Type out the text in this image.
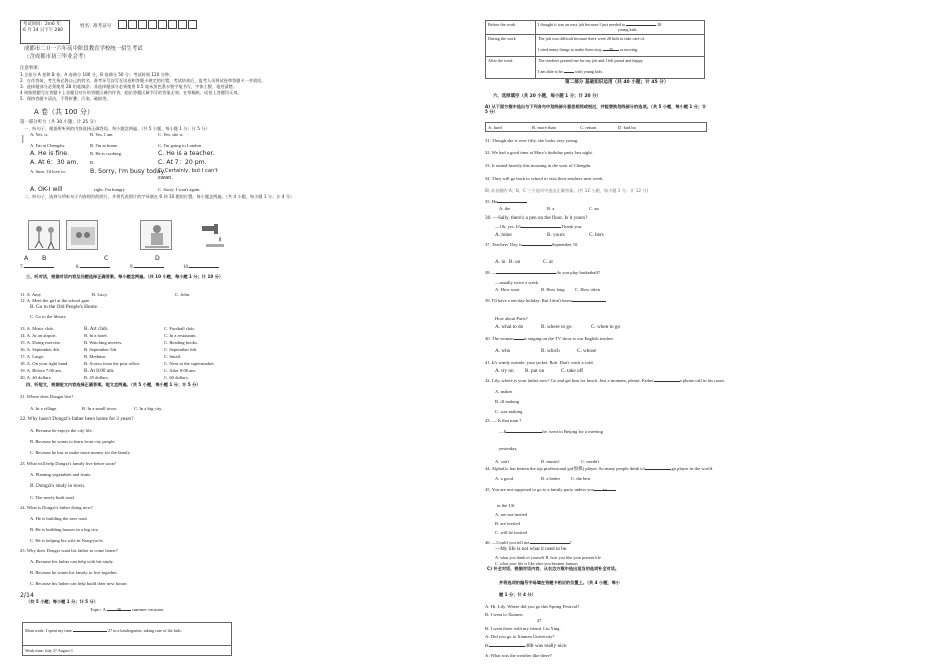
考试时间：2m6 年
6 月 14 日下午 280
姓名： 准考证号
成都市二０一六年高中阶段教育学校统一招生考试
（含成都市初三毕业会考）
注意事项:
1.全卷分 A 卷和 B 卷。A 卷满分 100 分，B 卷满分 50 分；考试时间 120 分钟。
2．在作答前，考生务必将自己的姓名、准考证号涂写在试卷和答题卡规定的位置。考试结束后，监考人员将试卷和答题卡一并收回。
3．选择题部分必须使用 2B 铅笔填涂；非选择题部分必须使用 0.5 毫米黑色墨水签字笔书写，字体工整、笔迹清楚。
4 请按照题号在答题卡上各题目对应的答题区域内作答，超出答题区域书写的答案无效；在草稿纸、试卷上答题均无效。
5．保持答题卡清洁，不得折叠、污染、破损等。
A 卷（共 100 分）
第一部分听力（共 30 小题；计 25 分）
一、听句子，根据所听到的内容选择正确答语。每小题念两遍。（共 5 小题，每小题 1 分；计 5 分）
A. Yes, it.	B. Yes, I am	C. Yes, she is
|
A. I'm at Chengdu.	B. I'm at home.	C. I'm going to London
A. He is fine.	B. He is cooking.	C. He is a teacher.
A. At 6：30 am.	B.	C. At 7：20 pm.
A. Sure, I'd love to.	B. Sorry, I'm busy today.
C. Certainly, but I can't swan.
A. OK-I will	right. I'm hungry	C. Sorry. I won't again.
二、听句子，选择与所听句子内容相符的图片，并将代表图片的字母填在 6 到 10 题的位置。每小题念两遍。（共 4 小题，每小题 1 分；计 4 分）
A B	C	D
7.	8.	9.	10.
三、听对话，根据对话内容及问题选择正确答案。每小题念两遍。（共 10 小题，每小题 1 分；计 10 分）
11. A. Amy	B. Lucy.	C. John.
12. A. Meet the girl at the school gate.
B. Go to the Old People's Home.
C. Go to the library.
13. A. Music club.	B. Art club.	C. Football club.
14. A. At an airport.	B. In a hotel.	C. In a restaurant.
15. A. Doing exercise.	B. Watching movies.	C. Reading books.
16. A. September 4th.	B. September 5th.	C. September 6th.
17. A. Large.	B. Medium.	C. Small.
18. A. On your right hand.	B. Across from the post office.	C. Next to the supermarket.
19. A. Before 7:00 am.	B. At 8:00 am.	C. After 8:00 am.
20. A. 40 dollars.	B. 45 dollars.	C. 60 dollars.
四、听短文，根据短文内容选择正确答案。短文念两遍。（共 5 小题，每小题 1 分；计 5 分）
21. Where does Dongzi live?
A. In a village.	B. In a small town.	C. In a big city.
22. Why hasn't Dongzi's father been home for 3 years?
A. Because he enjoys the city life.
B. Because he wants to learn from city people.
C. Because he has to make more money for the family.
23. What will help Dongzi's family live better soon?
A. Planting vegetables and fruits.
B. Dongzi's study in town.
C. The newly built road.
24. What is Dongzi's father doing now?
A. He is building the new road.
B. He is building houses in a big city.
C. He is helping his wife in Nong-jia-le.
25. Why does Dongzi want his father to come home?
A. Because his father can help with his study.
B. Because he wants his family to live together.
C. Because his father can help build their new house.
2/14
（共 5 小题；每小题 1 分；计 5 分）
Topic: A 26 summer vacation
Main work: I spent my time	27 in a kindergarten, taking care of the kids.
Work time: July 2? August 1
Before the work	I thought it was an easy job because I just needed to 28
young kids.
During the work	The job was difficult because there were 20 kids to take care of.

I tried many things to make them stop 29 or moving.
After the work	The teachers praised me for my job and I felt proud and happy.

I am able to be with young kids.
第二部分 基础知识运用（共 40 小题；计 45 分）
六、选择填空（共 20 小题，每小题 1 分；计 20 分）
A) 从下面方框中选出与下列各句中划线部分意思相同或相近，并能替换划线部分的选项。（共 5 小题，每小题 1 分；计 5 分）
A. hard	B. more than	C. return	D. bad bo
31. Though she is over fifty, she looks very young.
32. We had a good time at Mary's birthday party last night.
33. It rained heavily this morning in the west of Chengdu.
34. They will go back to school to visit their teachers next week.
B) 从各题的 A、B、C 三个选项中选出正确答案。(共 12 小题，每小题 1 分；计 12 分)
35. He
A. the	B. a	C. an
36. —Sally, there's a pen on the floor. Is it yours?
—Oh, yes. It's	Thank you.
A. mine	B. yours	C. hers
37. Teachers' Day is	September 10.
A. in B. on	C. at
38. —	do you play basketball?
—usually twice a week.
A. How soon	B. How long C. How often
39. I'll have a ten-day holiday. But I don't know
How about Paris?
A. what to do	B. where to go	C. when to go
40. The woman is singing on the TV show is our English teacher.
A. who	B. which	C. whose
41. It's windy outside, your jacket. Bob. Don't catch a cold.
A. try on B. put on	C. take off
42. Lily, where is your father now? Go and get him for lunch. Just a moment, please. Father	a phone call in his room.
A. makes
B. ill making
C. was making
43. — Is that man ?
—It	be. went to Beijing for a meeting
yesterday.
A. can't	B. mustn't	C. needn't
44. AlphaGo has beaten the top professional go(围棋) player. So many people think it's	go player in the world.
A. a good	B. a better C. the best
45. You are not supposed to go to a family party unless you to
in the US.
A. are not invited
B. are invited
C. will be invited
46. —Could you tell me	?
—My life is not what it used to be.
A. what you think of yourself B. how you like your present life
C. what your life is like after you became famous
C) 补全对话，根据对话内容，从右边方框中选出适当的选项补全对话。
并将选项的编号字母填在答题卡相应的位置上。（共 4 小题，每小
题 1 分；计 4 分）
A: Hi, Lily. Where did you go this Spring Festival?
B: I went to Xiamen.
47
B: I went there with my friend. Liu Ying.
A: Did you go to Xiamen University?
B:	48It was really nice.
A: What was the weather like there?
